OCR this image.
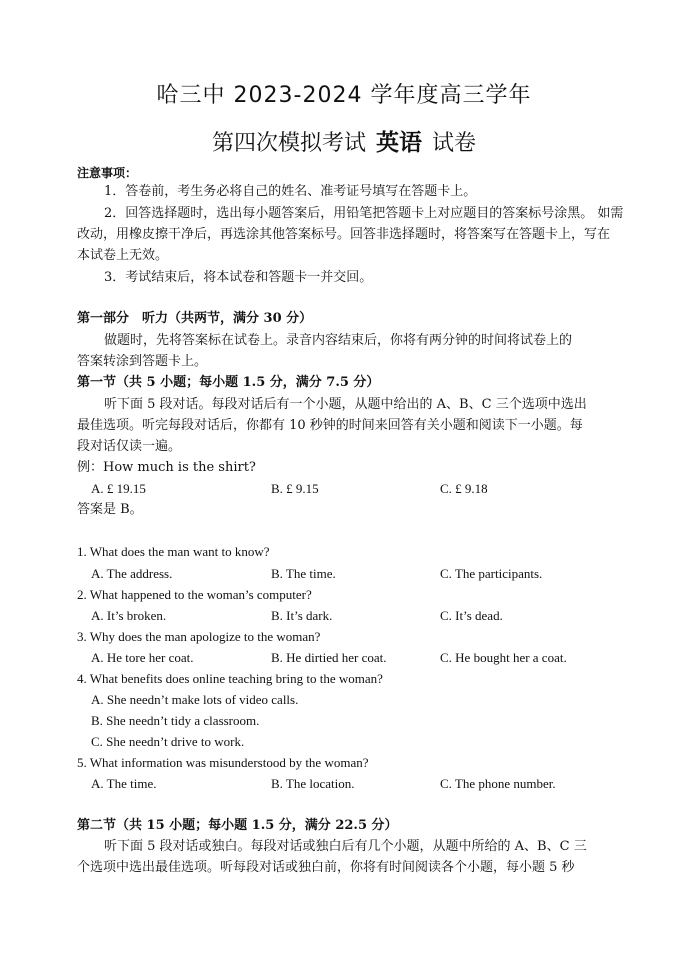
哈三中 2023-2024 学年度高三学年
第四次模拟考试 英语 试卷
注意事项：
1．答卷前，考生务必将自己的姓名、准考证号填写在答题卡上。
2．回答选择题时，选出每小题答案后，用铅笔把答题卡上对应题目的答案标号涂黑。 如需
改动，用橡皮擦干净后，再选涂其他答案标号。回答非选择题时，将答案写在答题卡上，写在
本试卷上无效。
3．考试结束后，将本试卷和答题卡一并交回。
第一部分　听力（共两节，满分 30 分）
做题时，先将答案标在试卷上。录音内容结束后，你将有两分钟的时间将试卷上的
答案转涂到答题卡上。
第一节（共 5 小题；每小题 1.5 分，满分 7.5 分）
听下面 5 段对话。每段对话后有一个小题，从题中给出的 A、B、C 三个选项中选出
最佳选项。听完每段对话后，你都有 10 秒钟的时间来回答有关小题和阅读下一小题。每
段对话仅读一遍。
例：How much is the shirt?
A. £ 19.15	B. £ 9.15	C. £ 9.18
答案是 B。
1. What does the man want to know?
A. The address.	B. The time.	C. The participants.
2. What happened to the woman’s computer?
A. It’s broken.	B. It’s dark.	C. It’s dead.
3. Why does the man apologize to the woman?
A. He tore her coat.	B. He dirtied her coat.	C. He bought her a coat.
4. What benefits does online teaching bring to the woman?
A. She needn’t make lots of video calls.
B. She needn’t tidy a classroom.
C. She needn’t drive to work.
5. What information was misunderstood by the woman?
A. The time.	B. The location.	C. The phone number.
第二节（共 15 小题；每小题 1.5 分，满分 22.5 分）
听下面 5 段对话或独白。每段对话或独白后有几个小题，从题中所给的 A、B、C 三
个选项中选出最佳选项。听每段对话或独白前，你将有时间阅读各个小题，每小题 5 秒
